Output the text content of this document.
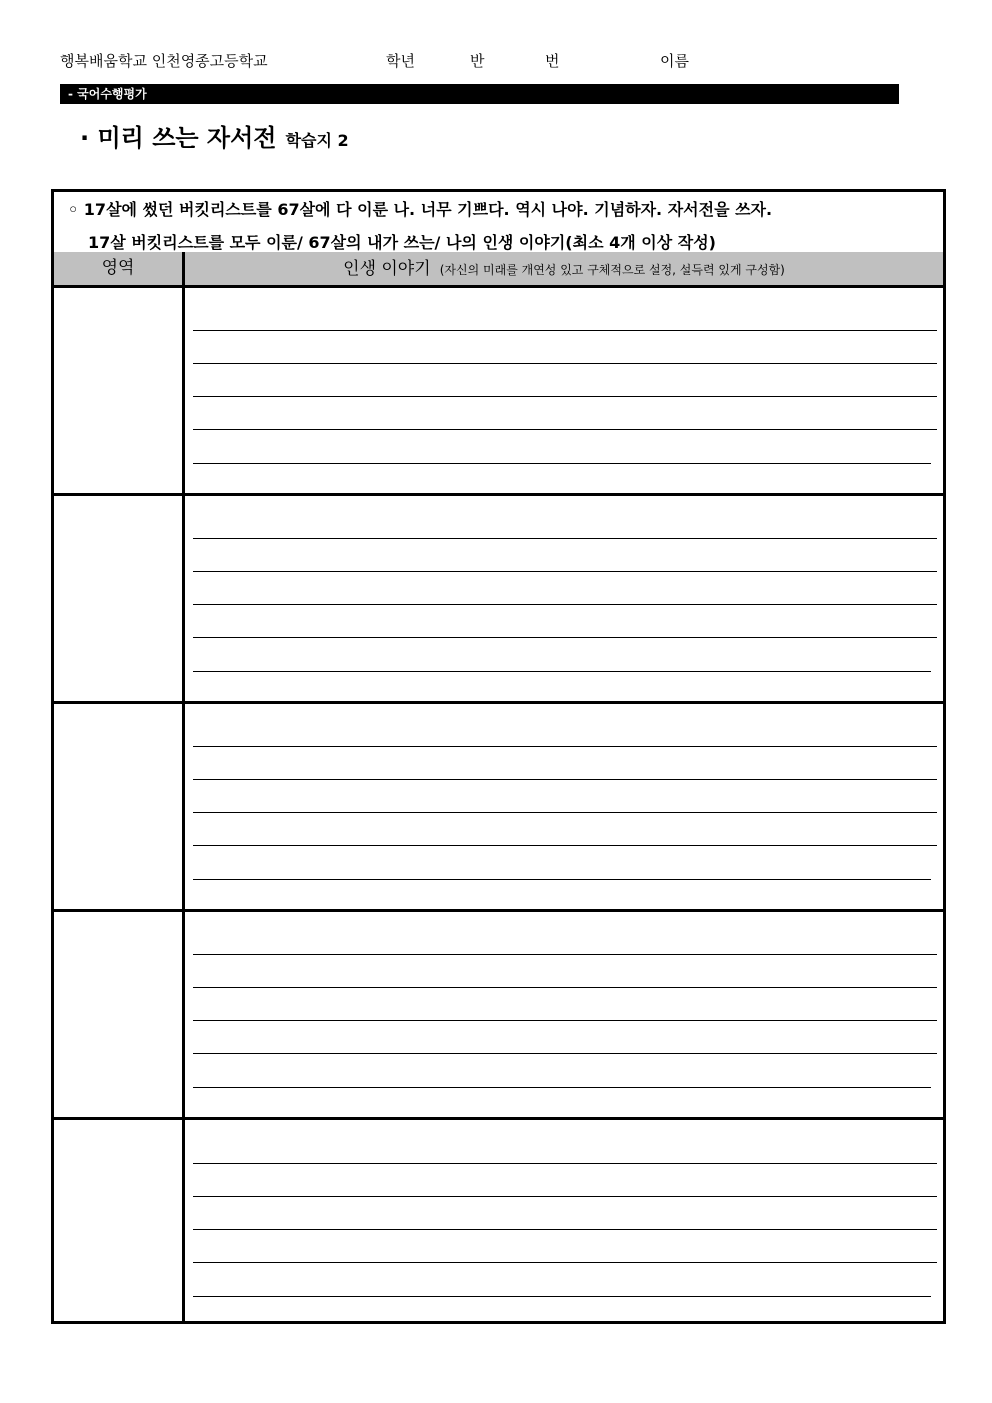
행복배움학교 인천영종고등학교	학년	반	번	이름
- 국어수행평가
· 미리 쓰는 자서전 학습지 2
◦ 17살에 썼던 버킷리스트를 67살에 다 이룬 나. 너무 기쁘다. 역시 나야. 기념하자. 자서전을 쓰자.
17살 버킷리스트를 모두 이룬/ 67살의 내가 쓰는/ 나의 인생 이야기(최소 4개 이상 작성)
영역	인생 이야기 (자신의 미래를 개연성 있고 구체적으로 설정, 설득력 있게 구성함)
